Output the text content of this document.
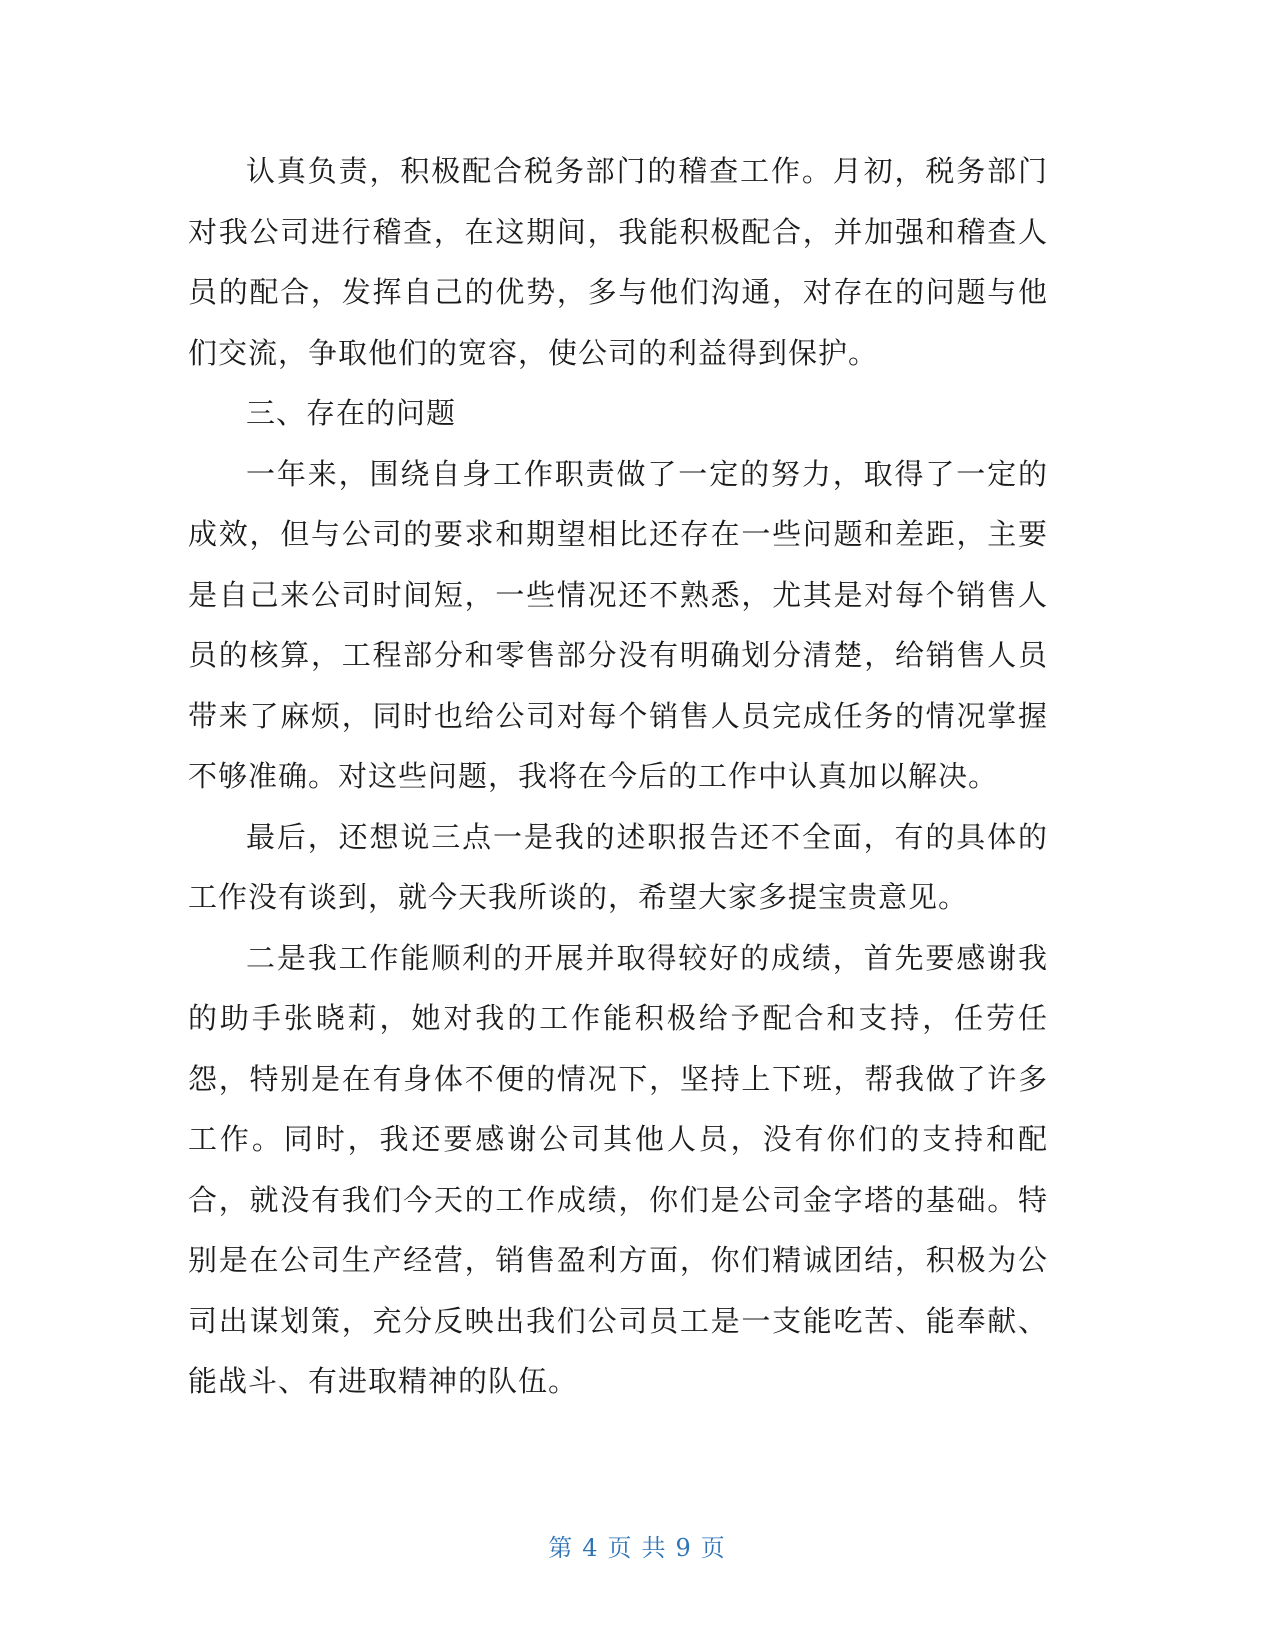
认真负责，积极配合税务部门的稽查工作。月初，税务部门对我公司进行稽查，在这期间，我能积极配合，并加强和稽查人员的配合，发挥自己的优势，多与他们沟通，对存在的问题与他们交流，争取他们的宽容，使公司的利益得到保护。

三、存在的问题

一年来，围绕自身工作职责做了一定的努力，取得了一定的成效，但与公司的要求和期望相比还存在一些问题和差距，主要是自己来公司时间短，一些情况还不熟悉，尤其是对每个销售人员的核算，工程部分和零售部分没有明确划分清楚，给销售人员带来了麻烦，同时也给公司对每个销售人员完成任务的情况掌握不够准确。对这些问题，我将在今后的工作中认真加以解决。

最后，还想说三点一是我的述职报告还不全面，有的具体的工作没有谈到，就今天我所谈的，希望大家多提宝贵意见。

二是我工作能顺利的开展并取得较好的成绩，首先要感谢我的助手张晓莉，她对我的工作能积极给予配合和支持，任劳任怨，特别是在有身体不便的情况下，坚持上下班，帮我做了许多工作。同时，我还要感谢公司其他人员，没有你们的支持和配合，就没有我们今天的工作成绩，你们是公司金字塔的基础。特别是在公司生产经营，销售盈利方面，你们精诚团结，积极为公司出谋划策，充分反映出我们公司员工是一支能吃苦、能奉献、能战斗、有进取精神的队伍。

第 4 页 共 9 页
